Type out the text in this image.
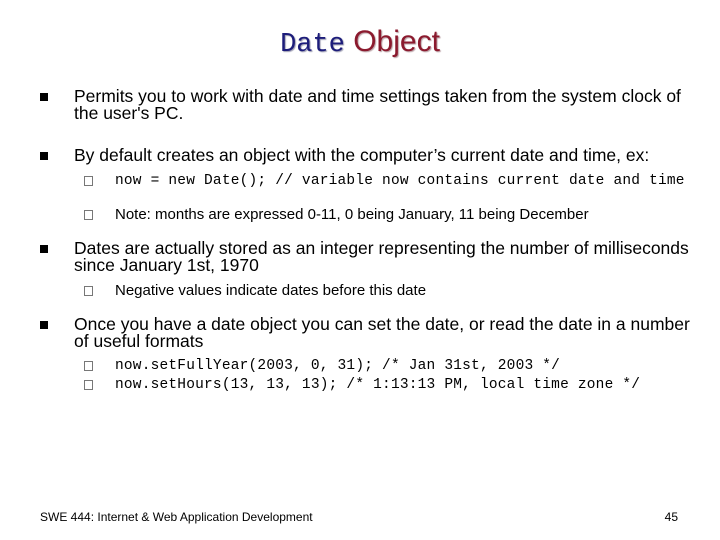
Date Object
Permits you to work with date and time settings taken from the system clock of the user's PC.
By default creates an object with the computer’s current date and time, ex:
now = new Date(); // variable now contains current date and time
Note: months are expressed 0-11, 0 being January, 11 being December
Dates are actually stored as an integer representing the number of milliseconds since January 1st, 1970
Negative values indicate dates before this date
Once you have a date object you can set the date, or read the date in a number of useful formats
now.setFullYear(2003, 0, 31); /* Jan 31st, 2003 */
now.setHours(13, 13, 13); /* 1:13:13 PM, local time zone */
SWE 444: Internet & Web Application Development	45
